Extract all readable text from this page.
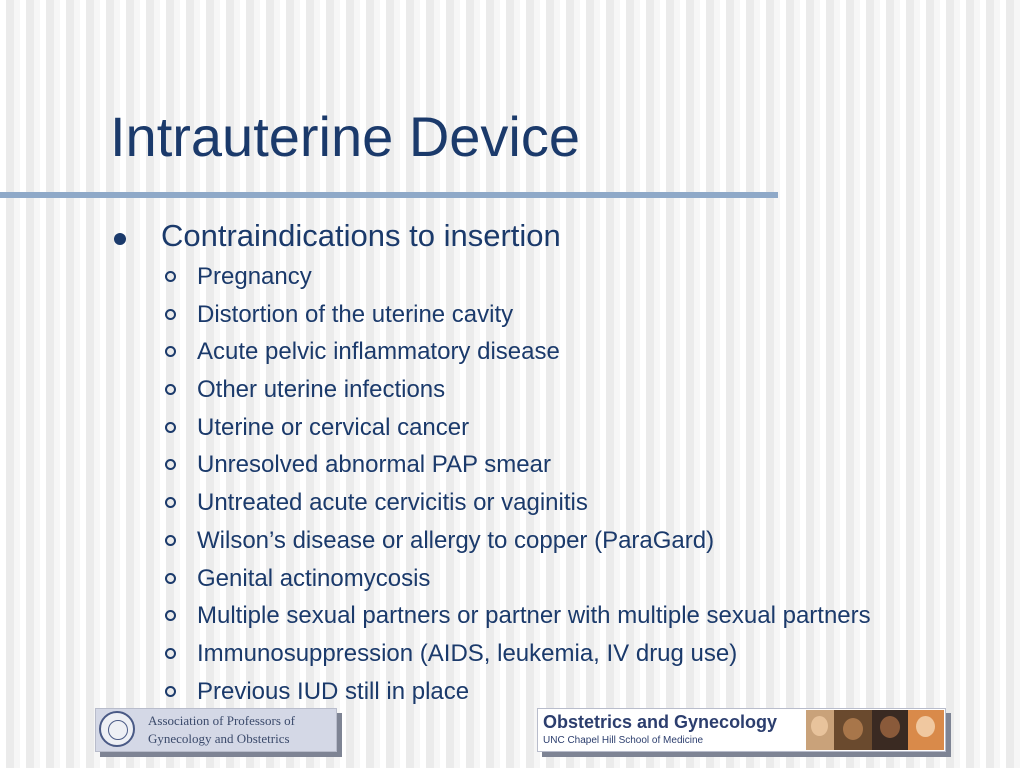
Intrauterine Device
Contraindications to insertion
Pregnancy
Distortion of the uterine cavity
Acute pelvic inflammatory disease
Other uterine infections
Uterine or cervical cancer
Unresolved abnormal PAP smear
Untreated acute cervicitis or vaginitis
Wilson’s disease or allergy to copper (ParaGard)
Genital actinomycosis
Multiple sexual partners or partner with multiple sexual partners
Immunosuppression (AIDS, leukemia, IV drug use)
Previous IUD still in place
Association of Professors of
Gynecology and Obstetrics
Obstetrics and Gynecology
UNC Chapel Hill School of Medicine
